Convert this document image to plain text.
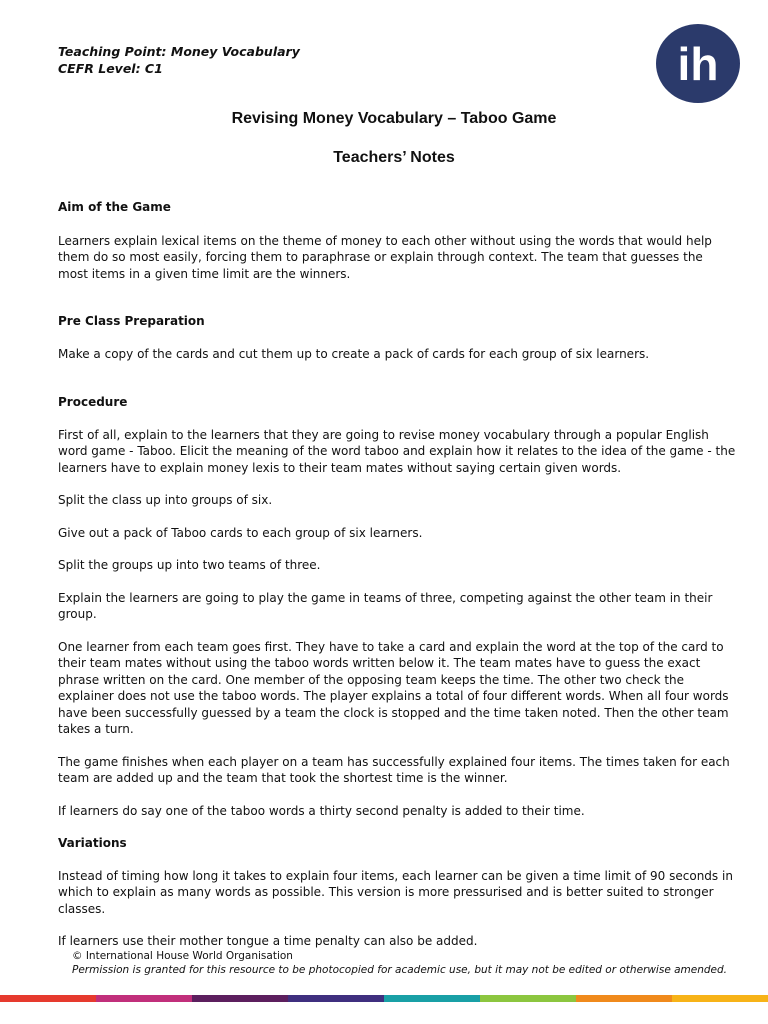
Teaching Point: Money Vocabulary
CEFR Level: C1	ih
Revising Money Vocabulary – Taboo Game
Teachers’ Notes

Aim of the Game

Learners explain lexical items on the theme of money to each other without using the words that would help them do so most easily, forcing them to paraphrase or explain through context. The team that guesses the most items in a given time limit are the winners.

Pre Class Preparation

Make a copy of the cards and cut them up to create a pack of cards for each group of six learners.

Procedure

First of all, explain to the learners that they are going to revise money vocabulary through a popular English word game - Taboo. Elicit the meaning of the word taboo and explain how it relates to the idea of the game - the learners have to explain money lexis to their team mates without saying certain given words.

Split the class up into groups of six.

Give out a pack of Taboo cards to each group of six learners.

Split the groups up into two teams of three.

Explain the learners are going to play the game in teams of three, competing against the other team in their group.

One learner from each team goes first. They have to take a card and explain the word at the top of the card to their team mates without using the taboo words written below it. The team mates have to guess the exact phrase written on the card. One member of the opposing team keeps the time. The other two check the explainer does not use the taboo words. The player explains a total of four different words. When all four words have been successfully guessed by a team the clock is stopped and the time taken noted. Then the other team takes a turn.

The game finishes when each player on a team has successfully explained four items. The times taken for each team are added up and the team that took the shortest time is the winner.

If learners do say one of the taboo words a thirty second penalty is added to their time.

Variations

Instead of timing how long it takes to explain four items, each learner can be given a time limit of 90 seconds in which to explain as many words as possible. This version is more pressurised and is better suited to stronger classes.

If learners use their mother tongue a time penalty can also be added.

© International House World Organisation
Permission is granted for this resource to be photocopied for academic use, but it may not be edited or otherwise amended.
